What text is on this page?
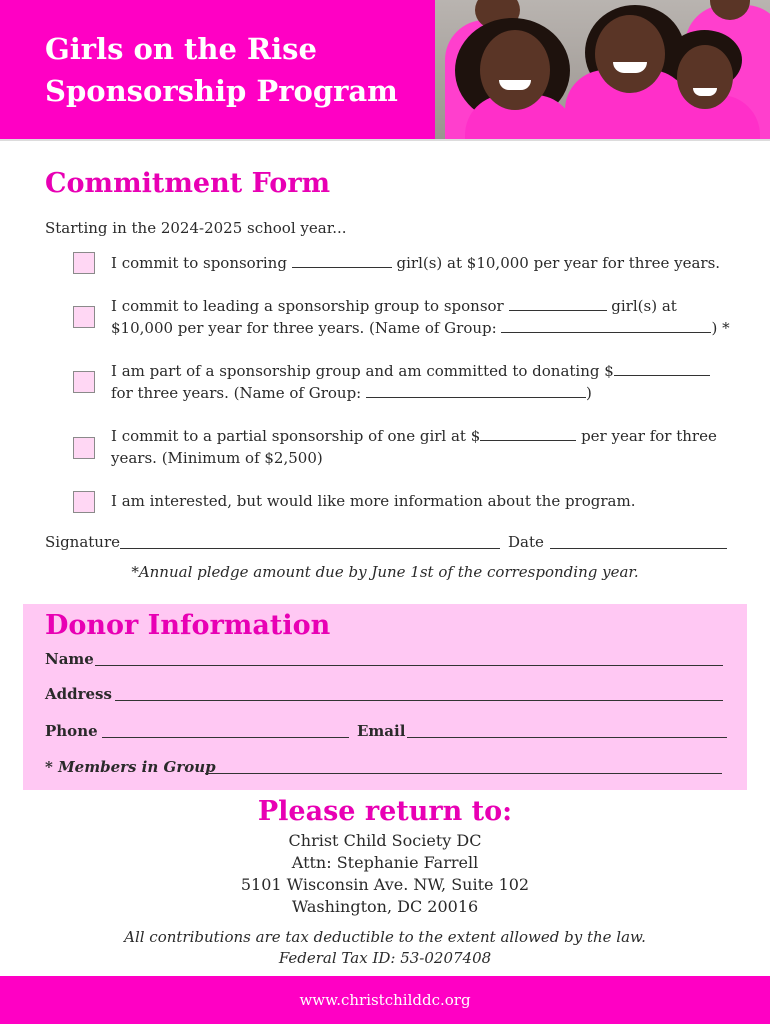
Girls on the Rise
Sponsorship Program
Commitment Form
Starting in the 2024-2025 school year...
I commit to sponsoring	girl(s) at $10,000 per year for three years.
I commit to leading a sponsorship group to sponsor	girl(s) at
$10,000 per year for three years. (Name of Group:	) *
I am part of a sponsorship group and am committed to donating $
for three years. (Name of Group:	)
I commit to a partial sponsorship of one girl at $	per year for three
years. (Minimum of $2,500)
I am interested, but would like more information about the program.
Signature	Date
*Annual pledge amount due by June 1st of the corresponding year.
Donor Information
Name
Address
Phone	Email
* Members in Group
Please return to:
Christ Child Society DC
Attn: Stephanie Farrell
5101 Wisconsin Ave. NW, Suite 102
Washington, DC 20016
All contributions are tax deductible to the extent allowed by the law.
Federal Tax ID: 53-0207408
www.christchilddc.org
